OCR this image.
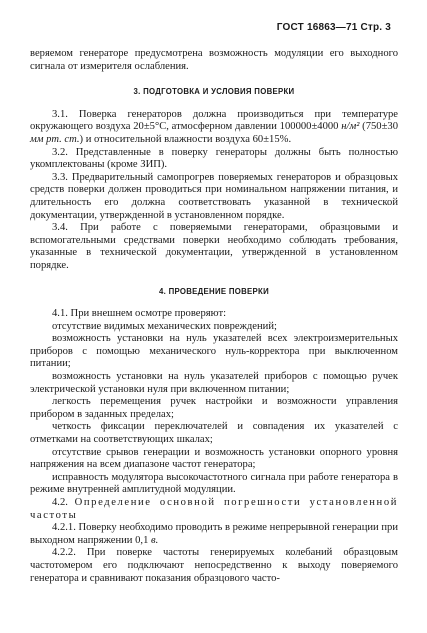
ГОСТ 16863—71 Стр. 3

веряемом генераторе предусмотрена возможность модуляции его выходного сигнала от измерителя ослабления.

3. ПОДГОТОВКА И УСЛОВИЯ ПОВЕРКИ

3.1. Поверка генераторов должна производиться при температуре окружающего воздуха 20±5°С, атмосферном давлении 100000±4000 н/м² (750±30 мм рт. ст.) и относительной влажности воздуха 60±15%.

3.2. Представленные в поверку генераторы должны быть полностью укомплектованы (кроме ЗИП).

3.3. Предварительный самопрогрев поверяемых генераторов и образцовых средств поверки должен проводиться при номинальном напряжении питания, и длительность его должна соответствовать указанной в технической документации, утвержденной в установленном порядке.

3.4. При работе с поверяемыми генераторами, образцовыми и вспомогательными средствами поверки необходимо соблюдать требования, указанные в технической документации, утвержденной в установленном порядке.

4. ПРОВЕДЕНИЕ ПОВЕРКИ

4.1. При внешнем осмотре проверяют:

отсутствие видимых механических повреждений;

возможность установки на нуль указателей всех электроизмерительных приборов с помощью механического нуль-корректора при выключенном питании;

возможность установки на нуль указателей приборов с помощью ручек электрической установки нуля при включенном питании;

легкость перемещения ручек настройки и возможности управления прибором в заданных пределах;

четкость фиксации переключателей и совпадения их указателей с отметками на соответствующих шкалах;

отсутствие срывов генерации и возможность установки опорного уровня напряжения на всем диапазоне частот генератора;

исправность модулятора высокочастотного сигнала при работе генератора в режиме внутренней амплитудной модуляции.

4.2. Определение основной погрешности установленной частоты

4.2.1. Поверку необходимо проводить в режиме непрерывной генерации при выходном напряжении 0,1 в.

4.2.2. При поверке частоты генерируемых колебаний образцовым частотомером его подключают непосредственно к выходу поверяемого генератора и сравнивают показания образцового часто-
